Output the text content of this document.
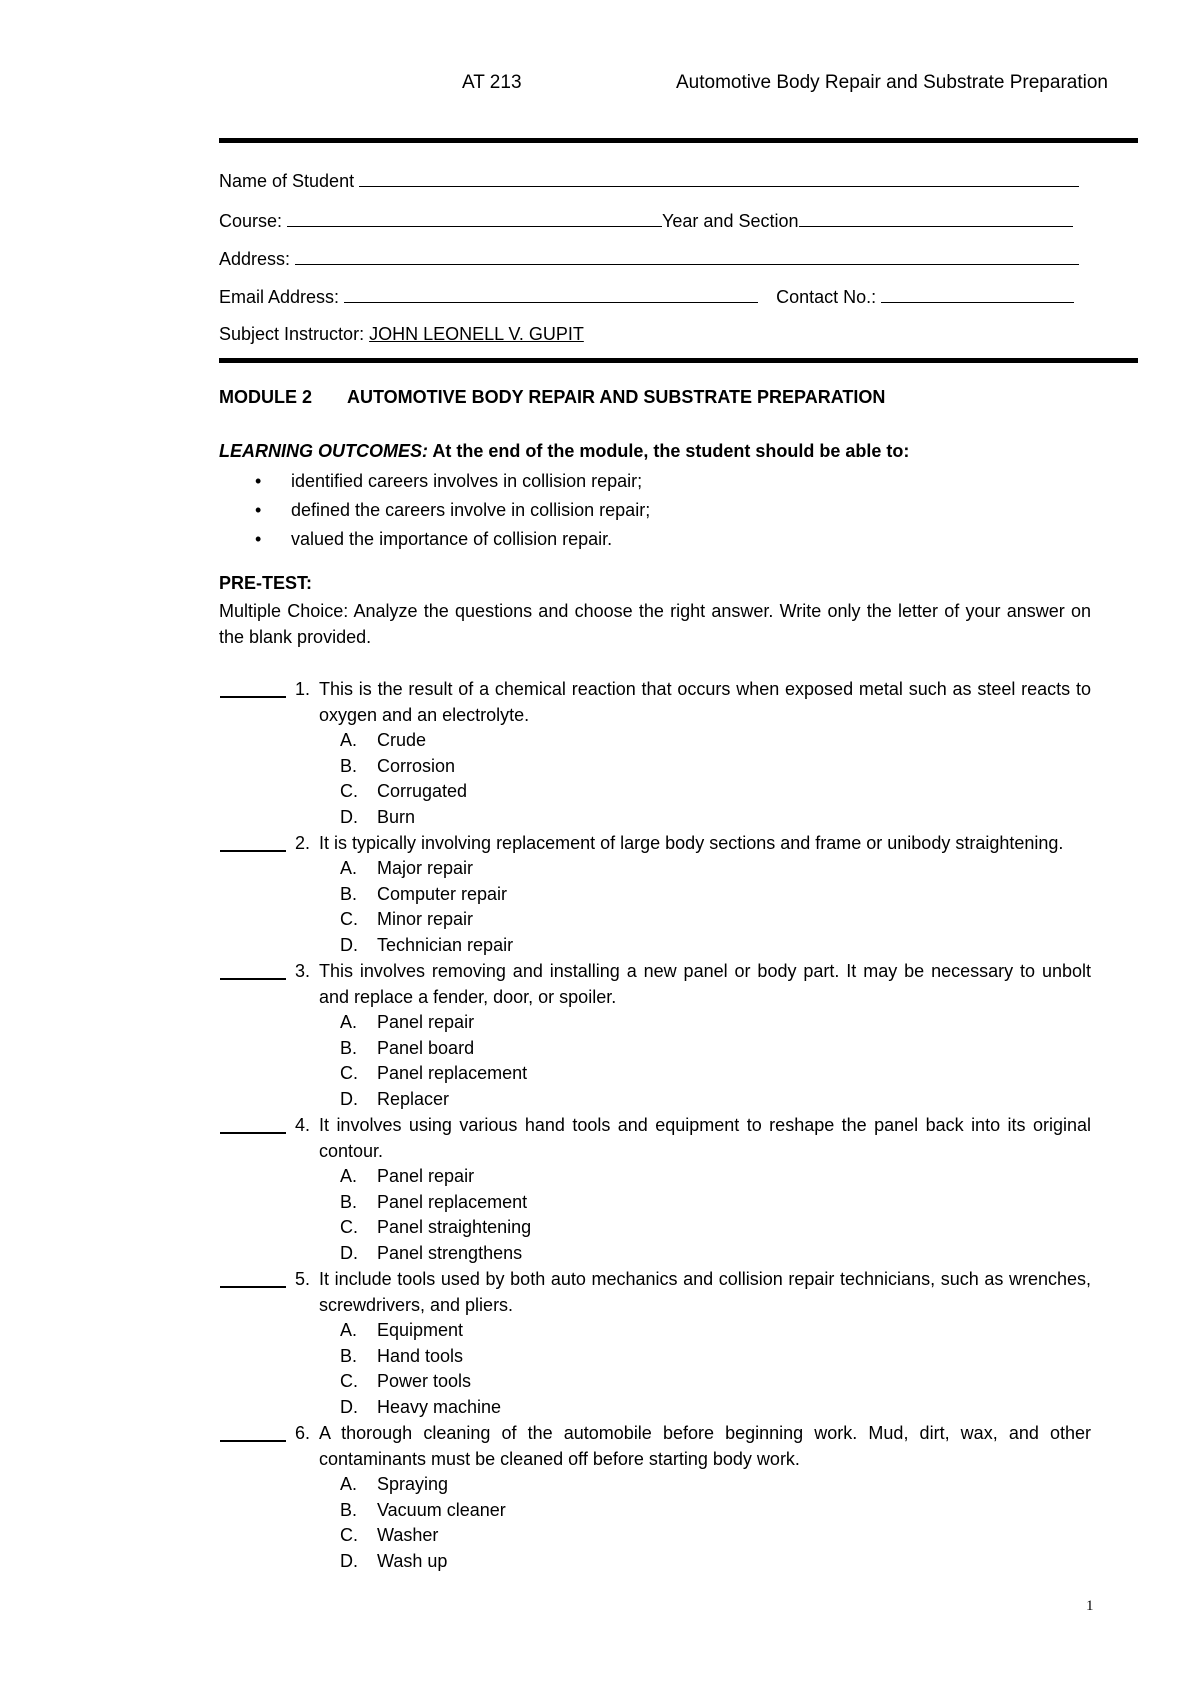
AT 213	Automotive Body Repair and Substrate Preparation
Name of Student
Course:	Year and Section
Address:
Email Address:	Contact No.:
Subject Instructor: JOHN LEONELL V. GUPIT
MODULE 2 AUTOMOTIVE BODY REPAIR AND SUBSTRATE PREPARATION
LEARNING OUTCOMES: At the end of the module, the student should be able to:
• identified careers involves in collision repair;
• defined the careers involve in collision repair;
• valued the importance of collision repair.
PRE-TEST:
Multiple Choice: Analyze the questions and choose the right answer. Write only the letter of your answer on the blank provided.
1. This is the result of a chemical reaction that occurs when exposed metal such as steel reacts to oxygen and an electrolyte.
A. Crude
B. Corrosion
C. Corrugated
D. Burn
2. It is typically involving replacement of large body sections and frame or unibody straightening.
A. Major repair
B. Computer repair
C. Minor repair
D. Technician repair
3. This involves removing and installing a new panel or body part. It may be necessary to unbolt and replace a fender, door, or spoiler.
A. Panel repair
B. Panel board
C. Panel replacement
D. Replacer
4. It involves using various hand tools and equipment to reshape the panel back into its original contour.
A. Panel repair
B. Panel replacement
C. Panel straightening
D. Panel strengthens
5. It include tools used by both auto mechanics and collision repair technicians, such as wrenches, screwdrivers, and pliers.
A. Equipment
B. Hand tools
C. Power tools
D. Heavy machine
6. A thorough cleaning of the automobile before beginning work. Mud, dirt, wax, and other contaminants must be cleaned off before starting body work.
A. Spraying
B. Vacuum cleaner
C. Washer
D. Wash up
1
